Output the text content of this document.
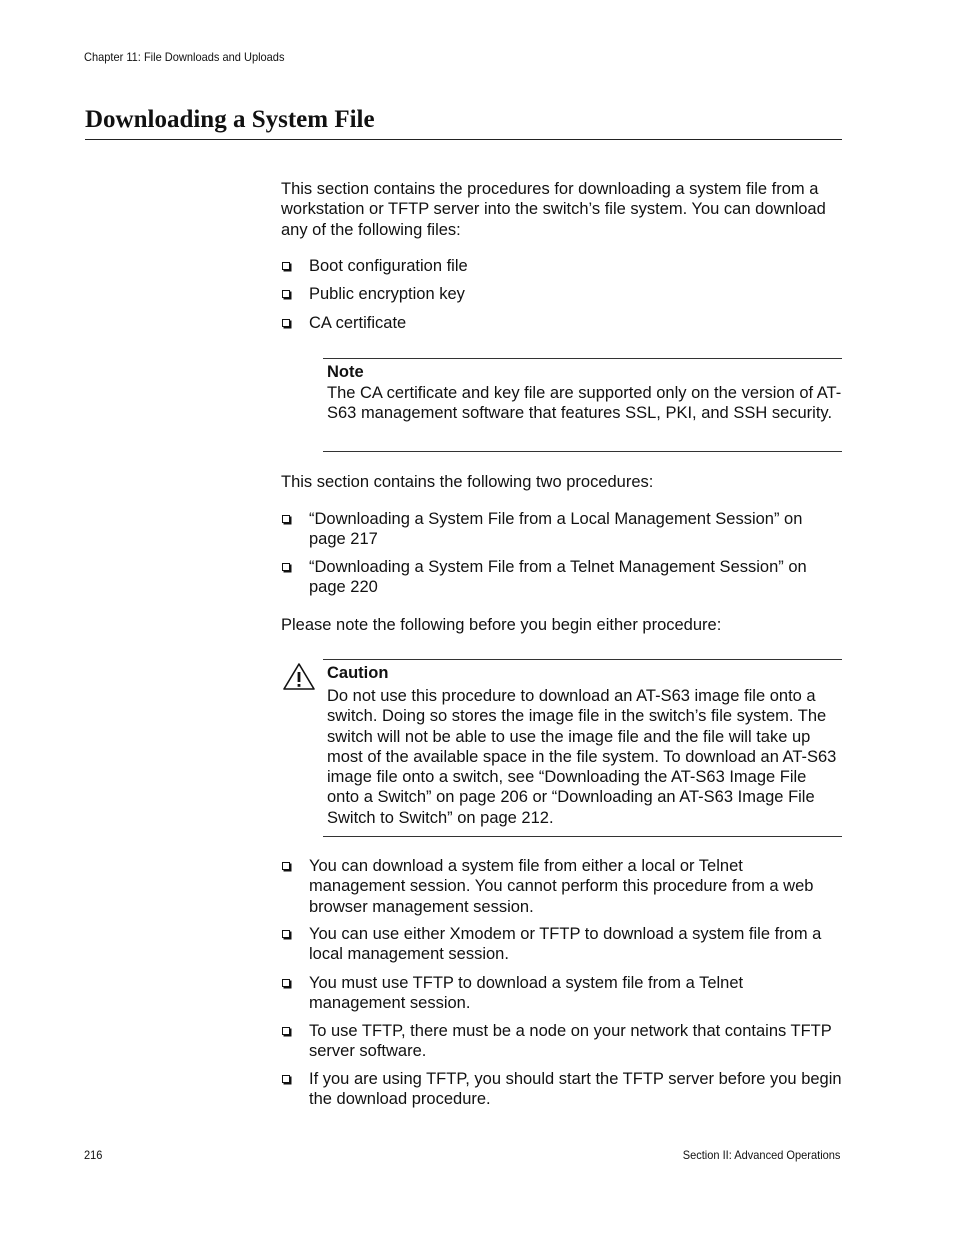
Chapter 11: File Downloads and Uploads
Downloading a System File
This section contains the procedures for downloading a system file from a workstation or TFTP server into the switch’s file system. You can download any of the following files:
Boot configuration file
Public encryption key
CA certificate
Note
The CA certificate and key file are supported only on the version of AT-S63 management software that features SSL, PKI, and SSH security.
This section contains the following two procedures:
“Downloading a System File from a Local Management Session” on page 217
“Downloading a System File from a Telnet Management Session” on page 220
Please note the following before you begin either procedure:
Caution
Do not use this procedure to download an AT-S63 image file onto a switch. Doing so stores the image file in the switch’s file system. The switch will not be able to use the image file and the file will take up most of the available space in the file system. To download an AT-S63 image file onto a switch, see “Downloading the AT-S63 Image File onto a Switch” on page 206 or “Downloading an AT-S63 Image File Switch to Switch” on page 212.
You can download a system file from either a local or Telnet management session. You cannot perform this procedure from a web browser management session.
You can use either Xmodem or TFTP to download a system file from a local management session.
You must use TFTP to download a system file from a Telnet management session.
To use TFTP, there must be a node on your network that contains TFTP server software.
If you are using TFTP, you should start the TFTP server before you begin the download procedure.
216	Section II: Advanced Operations
